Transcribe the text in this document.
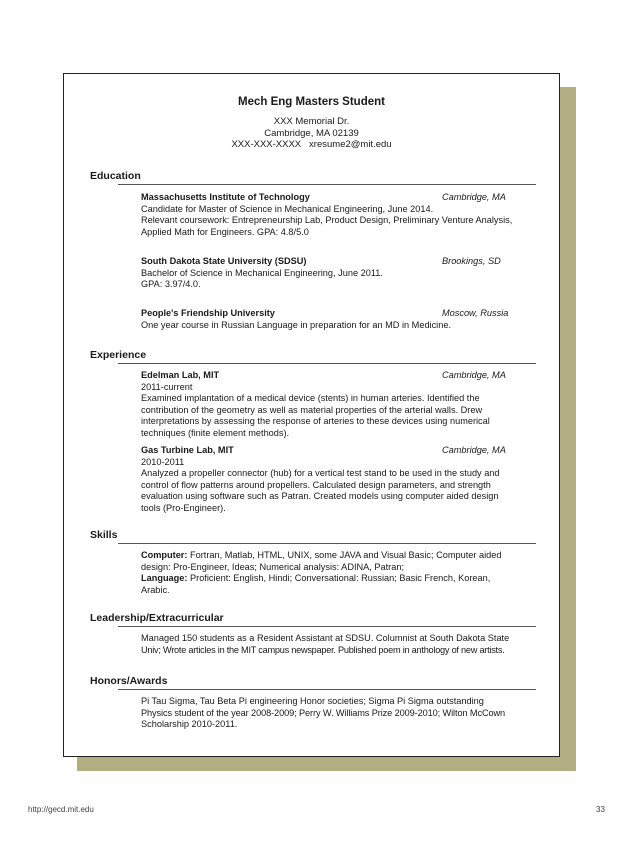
Mech Eng Masters Student
XXX Memorial Dr.
Cambridge, MA 02139
XXX-XXX-XXXX   xresume2@mit.edu
Education
Massachusetts Institute of Technology	Cambridge, MA
Candidate for Master of Science in Mechanical Engineering, June 2014.
Relevant coursework: Entrepreneurship Lab, Product Design, Preliminary Venture Analysis,
Applied Math for Engineers. GPA: 4.8/5.0
South Dakota State University (SDSU)	Brookings, SD
Bachelor of Science in Mechanical Engineering, June 2011.
GPA: 3.97/4.0.
People's Friendship University	Moscow, Russia
One year course in Russian Language in preparation for an MD in Medicine.
Experience
Edelman Lab, MIT	Cambridge, MA
2011-current
Examined implantation of a medical device (stents) in human arteries. Identified the
contribution of the geometry as well as material properties of the arterial walls. Drew
interpretations by assessing the response of arteries to these devices using numerical
techniques (finite element methods).
Gas Turbine Lab, MIT	Cambridge, MA
2010-2011
Analyzed a propeller connector (hub) for a vertical test stand to be used in the study and
control of flow patterns around propellers. Calculated design parameters, and strength
evaluation using software such as Patran. Created models using computer aided design
tools (Pro-Engineer).
Skills
Computer: Fortran, Matlab, HTML, UNIX, some JAVA and Visual Basic; Computer aided
design: Pro-Engineer, Ideas; Numerical analysis: ADINA, Patran;
Language: Proficient: English, Hindi; Conversational: Russian; Basic French, Korean,
Arabic.
Leadership/Extracurricular
Managed 150 students as a Resident Assistant at SDSU. Columnist at South Dakota State
Univ; Wrote articles in the MIT campus newspaper. Published poem in anthology of new artists.
Honors/Awards
Pi Tau Sigma, Tau Beta Pi engineering Honor societies; Sigma Pi Sigma outstanding
Physics student of the year 2008-2009; Perry W. Williams Prize 2009-2010; Wilton McCown
Scholarship 2010-2011.
http://gecd.mit.edu	33
